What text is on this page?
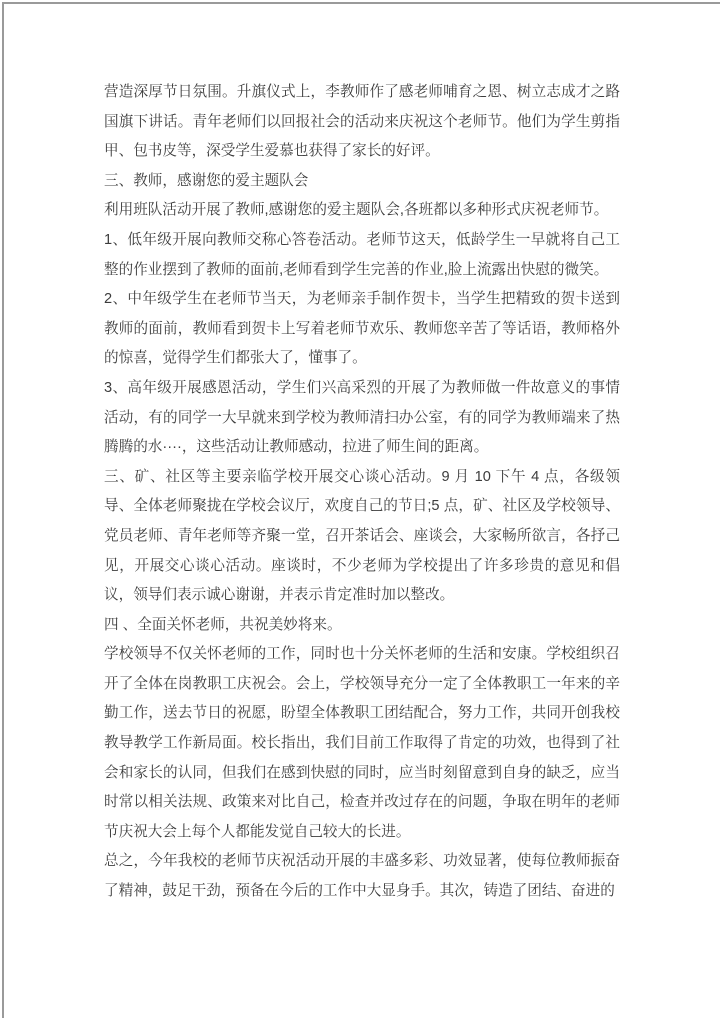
营造深厚节日氛围。升旗仪式上，李教师作了感老师哺育之恩、树立志成才之路国旗下讲话。青年老师们以回报社会的活动来庆祝这个老师节。他们为学生剪指甲、包书皮等，深受学生爱慕也获得了家长的好评。

三、教师，感谢您的爱主题队会

利用班队活动开展了教师,感谢您的爱主题队会,各班都以多种形式庆祝老师节。

1、低年级开展向教师交称心答卷活动。老师节这天，低龄学生一早就将自己工整的作业摆到了教师的面前,老师看到学生完善的作业,脸上流露出快慰的微笑。

2、中年级学生在老师节当天，为老师亲手制作贺卡，当学生把精致的贺卡送到教师的面前，教师看到贺卡上写着老师节欢乐、教师您辛苦了等话语，教师格外的惊喜，觉得学生们都张大了，懂事了。

3、高年级开展感恩活动，学生们兴高采烈的开展了为教师做一件故意义的事情活动，有的同学一大早就来到学校为教师清扫办公室，有的同学为教师端来了热腾腾的水····，这些活动让教师感动，拉进了师生间的距离。

三、矿、社区等主要亲临学校开展交心谈心活动。9 月 10 下午 4 点，各级领导、全体老师聚拢在学校会议厅，欢度自己的节日;5 点，矿、社区及学校领导、党员老师、青年老师等齐聚一堂，召开茶话会、座谈会，大家畅所欲言，各抒己见，开展交心谈心活动。座谈时，不少老师为学校提出了许多珍贵的意见和倡议，领导们表示诚心谢谢，并表示肯定准时加以整改。

四 、全面关怀老师，共祝美妙将来。

学校领导不仅关怀老师的工作，同时也十分关怀老师的生活和安康。学校组织召开了全体在岗教职工庆祝会。会上，学校领导充分一定了全体教职工一年来的辛勤工作，送去节日的祝愿，盼望全体教职工团结配合，努力工作，共同开创我校教导教学工作新局面。校长指出，我们目前工作取得了肯定的功效，也得到了社会和家长的认同，但我们在感到快慰的同时，应当时刻留意到自身的缺乏，应当时常以相关法规、政策来对比自己，检查并改过存在的问题，争取在明年的老师节庆祝大会上每个人都能发觉自己较大的长进。

总之，今年我校的老师节庆祝活动开展的丰盛多彩、功效显著，使每位教师振奋了精神，鼓足干劲，预备在今后的工作中大显身手。其次，铸造了团结、奋进的
